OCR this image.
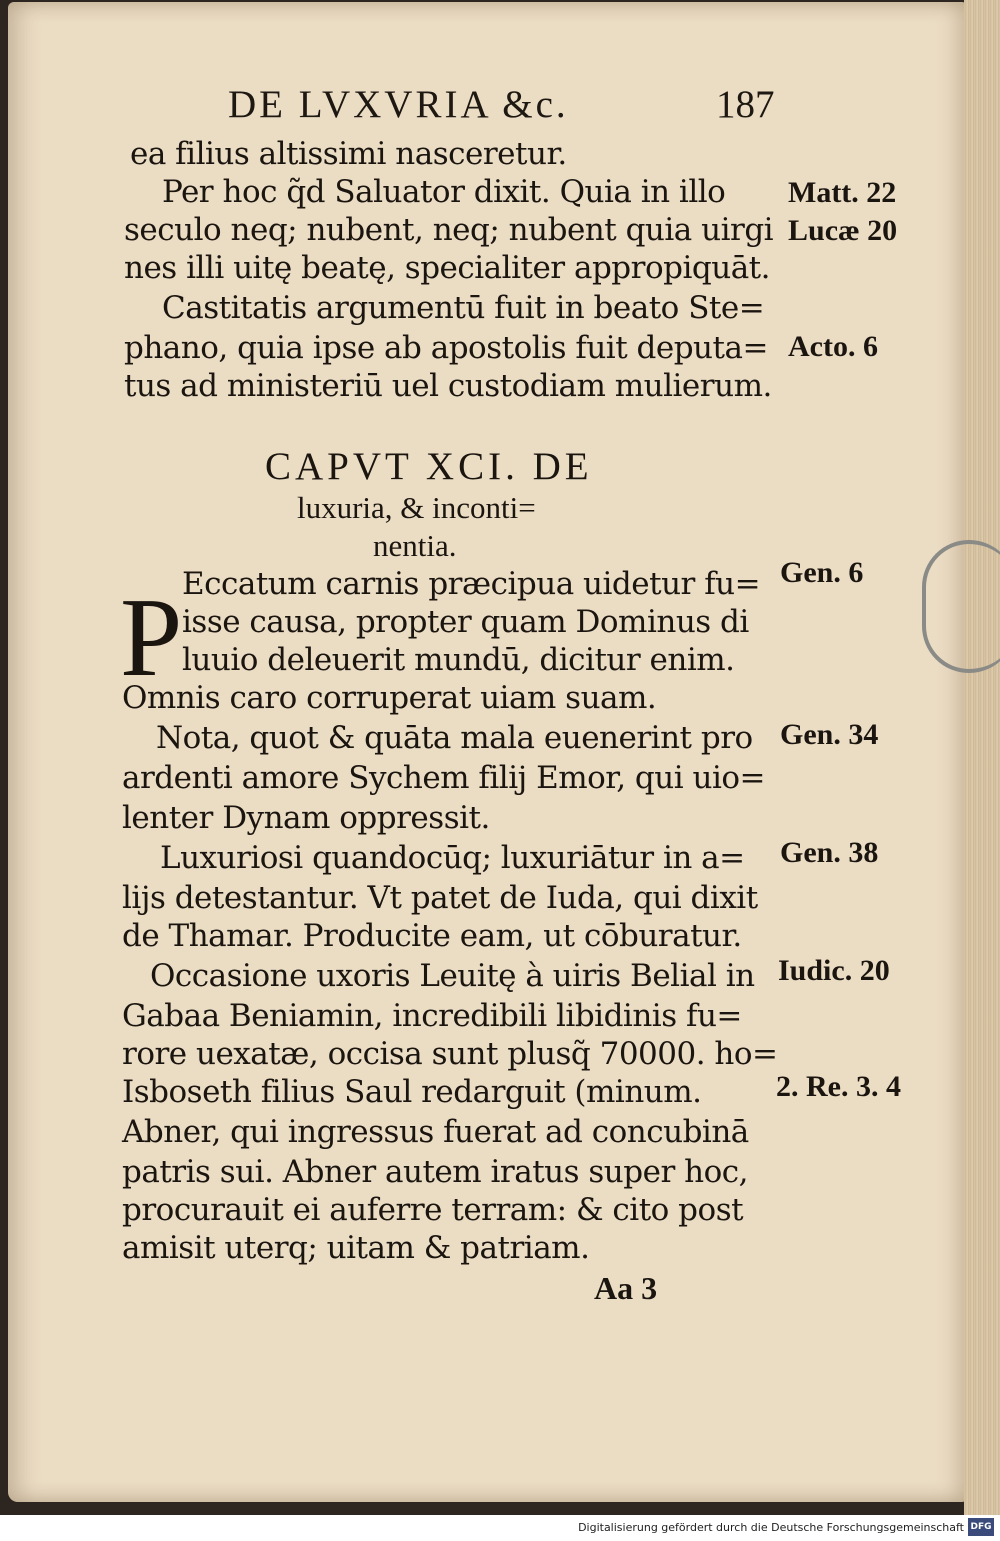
DE LVXVRIA &c.	187
ea filius altissimi nasceretur.
Per hoc q̃d Saluator dixit. Quia in illo
seculo neq; nubent, neq; nubent quia uirgi
nes illi uitę beatę, specialiter appropiquāt.
Castitatis argumentū fuit in beato Ste=
phano, quia ipse ab apostolis fuit deputa=
tus ad ministeriū uel custodiam mulierum.
CAPVT XCI. DE
luxuria, & inconti=
nentia.
P Eccatum carnis præcipua uidetur fu=
isse causa, propter quam Dominus di
luuio deleuerit mundū, dicitur enim.
Omnis caro corruperat uiam suam.
Nota, quot & quāta mala euenerint pro
ardenti amore Sychem filij Emor, qui uio=
lenter Dynam oppressit.
Luxuriosi quandocūq; luxuriātur in a=
lijs detestantur. Vt patet de Iuda, qui dixit
de Thamar. Producite eam, ut cōburatur.
Occasione uxoris Leuitę à uiris Belial in
Gabaa Beniamin, incredibili libidinis fu=
rore uexatæ, occisa sunt plusq̃ 70000. ho=
Isboseth filius Saul redarguit (minum.
Abner, qui ingressus fuerat ad concubinā
patris sui. Abner autem iratus super hoc,
procurauit ei auferre terram: & cito post
amisit uterq; uitam & patriam.
Matt. 22
Lucæ 20
Acto. 6
Gen. 6
Gen. 34
Gen. 38
Iudic. 20
2. Re. 3. 4
Aa 3
Digitalisierung gefördert durch die Deutsche Forschungsgemeinschaft DFG
